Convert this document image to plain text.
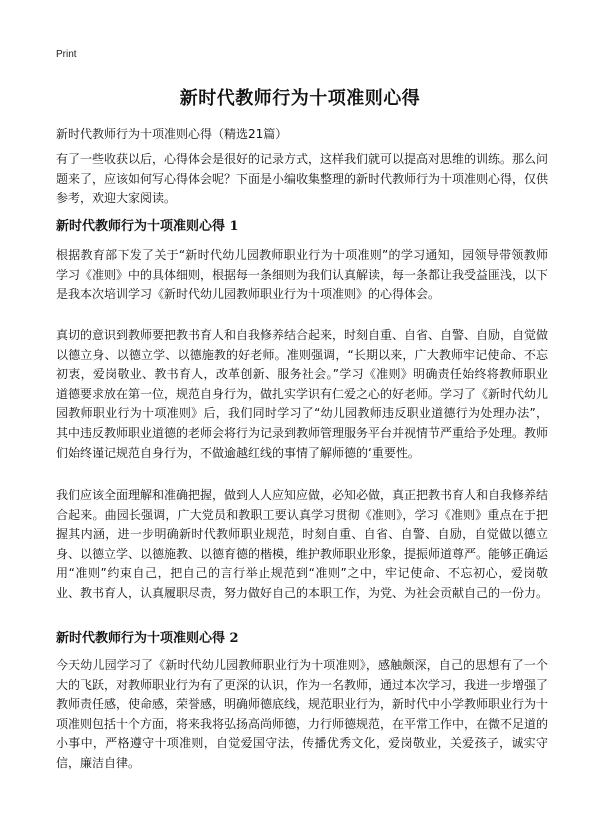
Print
新时代教师行为十项准则心得
新时代教师行为十项准则心得（精选21篇）

有了一些收获以后，心得体会是很好的记录方式，这样我们就可以提高对思维的训练。那么问题来了，应该如何写心得体会呢？下面是小编收集整理的新时代教师行为十项准则心得，仅供参考，欢迎大家阅读。

新时代教师行为十项准则心得 1

根据教育部下发了关于“新时代幼儿园教师职业行为十项准则”的学习通知，园领导带领教师学习《准则》中的具体细则，根据每一条细则为我们认真解读，每一条都让我受益匪浅，以下是我本次培训学习《新时代幼儿园教师职业行为十项准则》的心得体会。

真切的意识到教师要把教书育人和自我修养结合起来，时刻自重、自省、自警、自励，自觉做以德立身、以德立学、以德施教的好老师。准则强调，“长期以来，广大教师牢记使命、不忘初衷，爱岗敬业、教书育人，改革创新、服务社会。”学习《准则》明确责任始终将教师职业道德要求放在第一位，规范自身行为，做扎实学识有仁爱之心的好老师。学习了《新时代幼儿园教师职业行为十项准则》后，我们同时学习了“幼儿园教师违反职业道德行为处理办法”，其中违反教师职业道德的老师会将行为记录到教师管理服务平台并视情节严重给予处理。教师们始终谨记规范自身行为，不做逾越红线的事情了解师德的‘重要性。

我们应该全面理解和准确把握，做到人人应知应做，必知必做，真正把教书育人和自我修养结合起来。曲园长强调，广大党员和教职工要认真学习贯彻《准则》，学习《准则》重点在于把握其内涵，进一步明确新时代教师职业规范，时刻自重、自省、自警、自励，自觉做以德立身、以德立学、以德施教、以德育德的楷模，维护教师职业形象，提振师道尊严。能够正确运用“准则”约束自己，把自己的言行举止规范到“准则”之中，牢记使命、不忘初心，爱岗敬业、教书育人，认真履职尽责，努力做好自己的本职工作，为党、为社会贡献自己的一份力。

新时代教师行为十项准则心得 2

今天幼儿园学习了《新时代幼儿园教师职业行为十项准则》，感触颇深，自己的思想有了一个大的飞跃，对教师职业行为有了更深的认识，作为一名教师，通过本次学习，我进一步增强了教师责任感，使命感，荣誉感，明确师德底线，规范职业行为，新时代中小学教师职业行为十项准则包括十个方面，将来我将弘扬高尚师德，力行师德规范，在平常工作中，在微不足道的小事中，严格遵守十项准则，自觉爱国守法，传播优秀文化，爱岗敬业，关爱孩子，诚实守信，廉洁自律。
